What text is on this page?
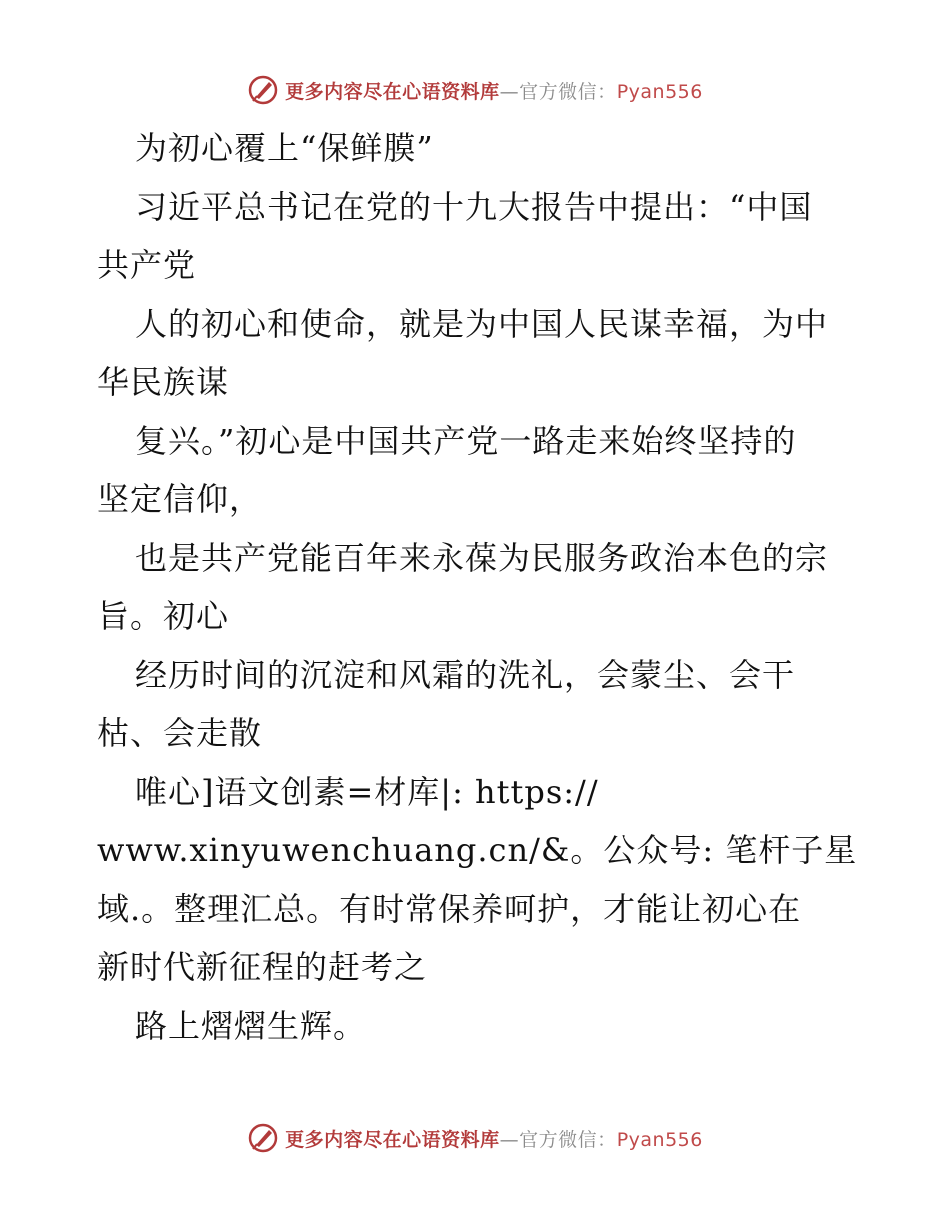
更多内容尽在心语资料库—官方微信：Pyan556
为初心覆上“保鲜膜”
习近平总书记在党的十九大报告中提出：“中国
共产党
人的初心和使命，就是为中国人民谋幸福，为中
华民族谋
复兴。”初心是中国共产党一路走来始终坚持的
坚定信仰，
也是共产党能百年来永葆为民服务政治本色的宗
旨。初心
经历时间的沉淀和风霜的洗礼，会蒙尘、会干
枯、会走散
唯心]语文创素=材库|: https://
www.xinyuwenchuang.cn/&。公众号: 笔杆子星
域.。整理汇总。有时常保养呵护，才能让初心在
新时代新征程的赶考之
路上熠熠生辉。
更多内容尽在心语资料库—官方微信：Pyan556
